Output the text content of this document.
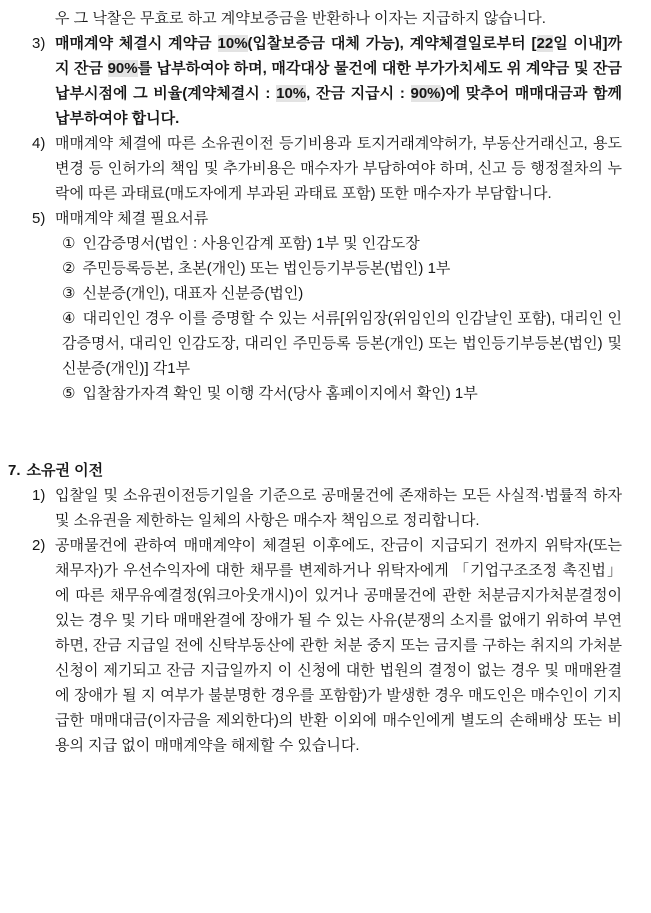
우 그 낙찰은 무효로 하고 계약보증금을 반환하나 이자는 지급하지 않습니다.

3) 매매계약 체결시 계약금 10%(입찰보증금 대체 가능), 계약체결일로부터 [22일 이내]까지 잔금 90%를 납부하여야 하며, 매각대상 물건에 대한 부가가치세도 위 계약금 및 잔금 납부시점에 그 비율(계약체결시 : 10%, 잔금 지급시 : 90%)에 맞추어 매매대금과 함께 납부하여야 합니다.

4) 매매계약 체결에 따른 소유권이전 등기비용과 토지거래계약허가, 부동산거래신고, 용도변경 등 인허가의 책임 및 추가비용은 매수자가 부담하여야 하며, 신고 등 행정절차의 누락에 따른 과태료(매도자에게 부과된 과태료 포함) 또한 매수자가 부담합니다.

5) 매매계약 체결 필요서류

① 인감증명서(법인 : 사용인감계 포함) 1부 및 인감도장

② 주민등록등본, 초본(개인) 또는 법인등기부등본(법인) 1부

③ 신분증(개인), 대표자 신분증(법인)

④ 대리인인 경우 이를 증명할 수 있는 서류[위임장(위임인의 인감날인 포함), 대리인 인감증명서, 대리인 인감도장, 대리인 주민등록 등본(개인) 또는 법인등기부등본(법인) 및 신분증(개인)] 각1부

⑤ 입찰참가자격 확인 및 이행 각서(당사 홈페이지에서 확인) 1부

7. 소유권 이전

1) 입찰일 및 소유권이전등기일을 기준으로 공매물건에 존재하는 모든 사실적·법률적 하자 및 소유권을 제한하는 일체의 사항은 매수자 책임으로 정리합니다.

2) 공매물건에 관하여 매매계약이 체결된 이후에도, 잔금이 지급되기 전까지 위탁자(또는 채무자)가 우선수익자에 대한 채무를 변제하거나 위탁자에게 「기업구조조정 촉진법」에 따른 채무유예결정(워크아웃개시)이 있거나 공매물건에 관한 처분금지가처분결정이 있는 경우 및 기타 매매완결에 장애가 될 수 있는 사유(분쟁의 소지를 없애기 위하여 부연하면, 잔금 지급일 전에 신탁부동산에 관한 처분 중지 또는 금지를 구하는 취지의 가처분신청이 제기되고 잔금 지급일까지 이 신청에 대한 법원의 결정이 없는 경우 및 매매완결에 장애가 될 지 여부가 불분명한 경우를 포함함)가 발생한 경우 매도인은 매수인이 기지급한 매매대금(이자금을 제외한다)의 반환 이외에 매수인에게 별도의 손해배상 또는 비용의 지급 없이 매매계약을 해제할 수 있습니다.
